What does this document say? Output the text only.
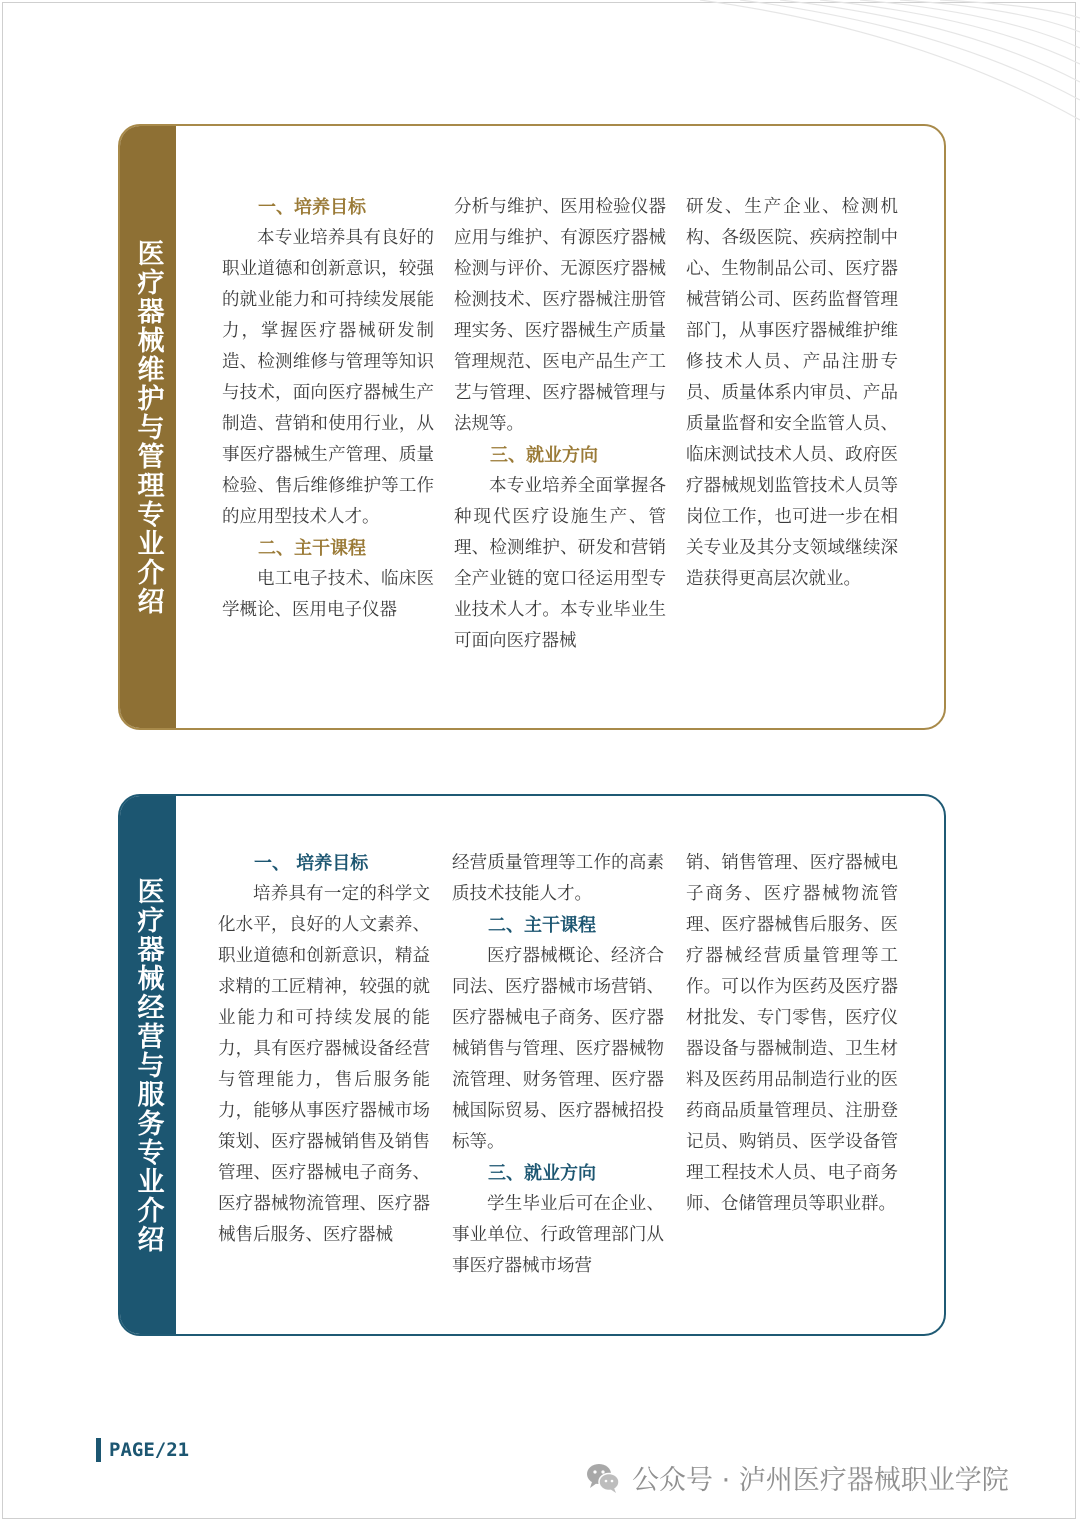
医疗器械维护与管理专业介绍
一、培养目标

本专业培养具有良好的职业道德和创新意识，较强的就业能力和可持续发展能力，掌握医疗器械研发制造、检测维修与管理等知识与技术，面向医疗器械生产制造、营销和使用行业，从事医疗器械生产管理、质量检验、售后维修维护等工作的应用型技术人才。

二、主干课程

电工电子技术、临床医学概论、医用电子仪器

分析与维护、医用检验仪器应用与维护、有源医疗器械检测与评价、无源医疗器械检测技术、医疗器械注册管理实务、医疗器械生产质量管理规范、医电产品生产工艺与管理、医疗器械管理与法规等。

三、就业方向

本专业培养全面掌握各种现代医疗设施生产、管理、检测维护、研发和营销全产业链的宽口径运用型专业技术人才。本专业毕业生可面向医疗器械

研发、生产企业、检测机构、各级医院、疾病控制中心、生物制品公司、医疗器械营销公司、医药监督管理部门，从事医疗器械维护维修技术人员、产品注册专员、质量体系内审员、产品质量监督和安全监管人员、临床测试技术人员、政府医疗器械规划监管技术人员等岗位工作，也可进一步在相关专业及其分支领域继续深造获得更高层次就业。

医疗器械经营与服务专业介绍
一、 培养目标

培养具有一定的科学文化水平，良好的人文素养、职业道德和创新意识，精益求精的工匠精神，较强的就业能力和可持续发展的能力，具有医疗器械设备经营与管理能力，售后服务能力，能够从事医疗器械市场策划、医疗器械销售及销售管理、医疗器械电子商务、医疗器械物流管理、医疗器械售后服务、医疗器械

经营质量管理等工作的高素质技术技能人才。

二、主干课程

医疗器械概论、经济合同法、医疗器械市场营销、医疗器械电子商务、医疗器械销售与管理、医疗器械物流管理、财务管理、医疗器械国际贸易、医疗器械招投标等。

三、就业方向

学生毕业后可在企业、事业单位、行政管理部门从事医疗器械市场营

销、销售管理、医疗器械电子商务、医疗器械物流管理、医疗器械售后服务、医疗器械经营质量管理等工作。可以作为医药及医疗器材批发、专门零售，医疗仪器设备与器械制造、卫生材料及医药用品制造行业的医药商品质量管理员、注册登记员、购销员、医学设备管理工程技术人员、电子商务师、仓储管理员等职业群。

PAGE/21
公众号 · 泸州医疗器械职业学院
